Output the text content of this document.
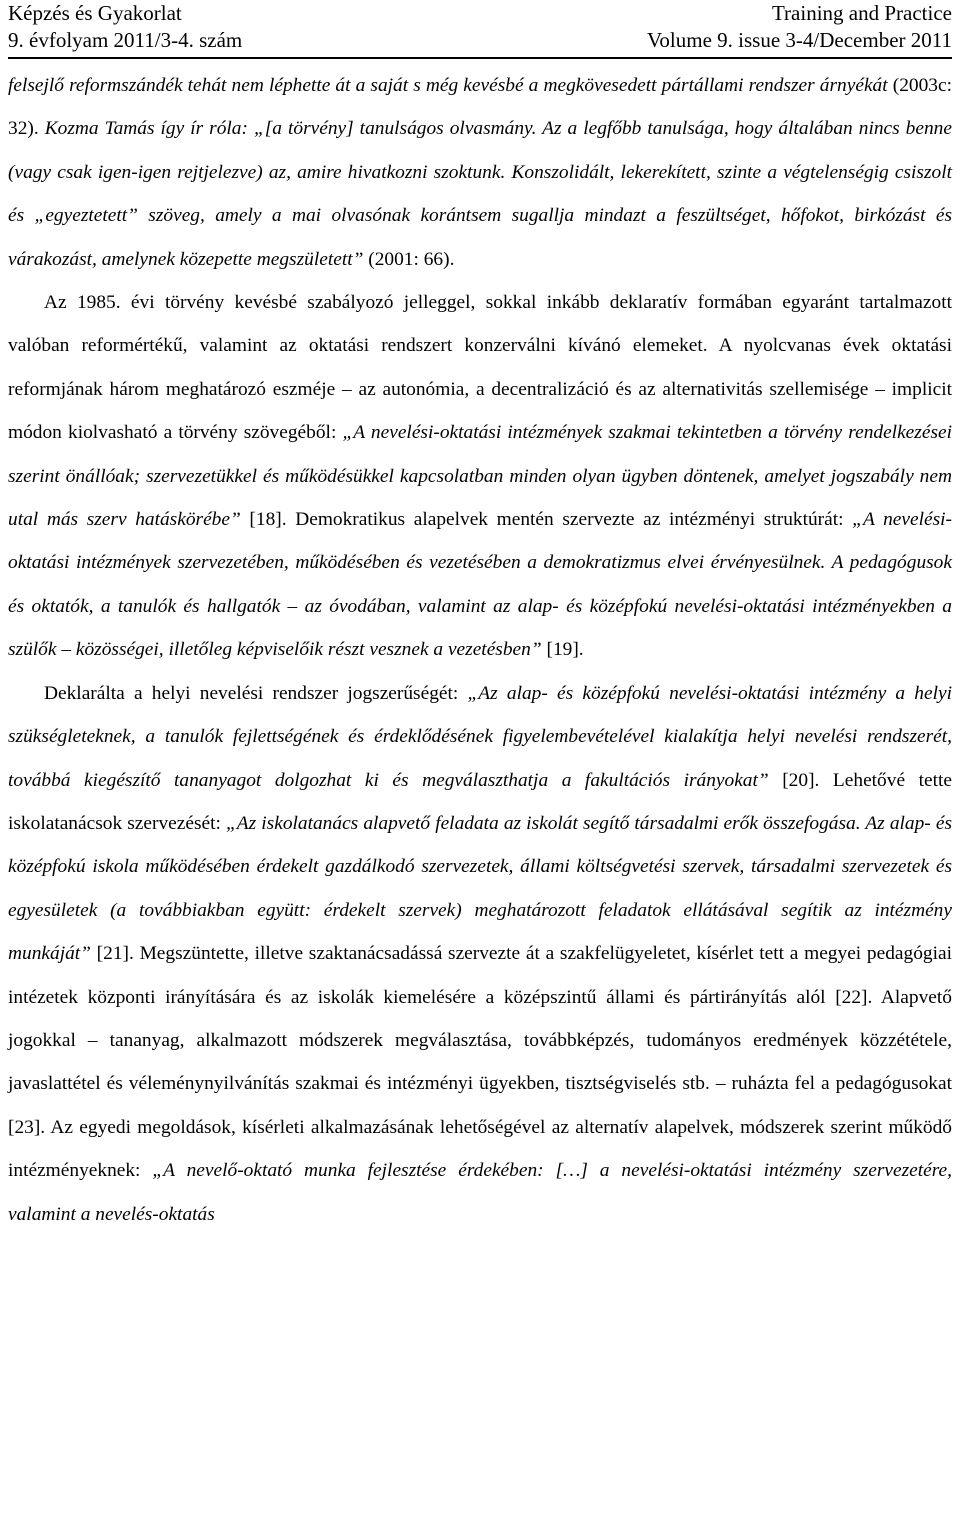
Képzés és Gyakorlat	Training and Practice
9. évfolyam 2011/3-4. szám	Volume 9. issue 3-4/December 2011

felsejlő reformszándék tehát nem léphette át a saját s még kevésbé a megkövesedett pártállami rendszer árnyékát (2003c: 32). Kozma Tamás így ír róla: „[a törvény] tanulságos olvasmány. Az a legfőbb tanulsága, hogy általában nincs benne (vagy csak igen-igen rejtjelezve) az, amire hivatkozni szoktunk. Konszolidált, lekerekített, szinte a végtelenségig csiszolt és „egyeztetett” szöveg, amely a mai olvasónak korántsem sugallja mindazt a feszültséget, hőfokot, birkózást és várakozást, amelynek közepette megszületett” (2001: 66).

Az 1985. évi törvény kevésbé szabályozó jelleggel, sokkal inkább deklaratív formában egyaránt tartalmazott valóban reformértékű, valamint az oktatási rendszert konzerválni kívánó elemeket. A nyolcvanas évek oktatási reformjának három meghatározó eszméje – az autonómia, a decentralizáció és az alternativitás szellemisége – implicit módon kiolvasható a törvény szövegéből: „A nevelési-oktatási intézmények szakmai tekintetben a törvény rendelkezései szerint önállóak; szervezetükkel és működésükkel kapcsolatban minden olyan ügyben döntenek, amelyet jogszabály nem utal más szerv hatáskörébe” [18]. Demokratikus alapelvek mentén szervezte az intézményi struktúrát: „A nevelési-oktatási intézmények szervezetében, működésében és vezetésében a demokratizmus elvei érvényesülnek. A pedagógusok és oktatók, a tanulók és hallgatók – az óvodában, valamint az alap- és középfokú nevelési-oktatási intézményekben a szülők – közösségei, illetőleg képviselőik részt vesznek a vezetésben” [19].

Deklarálta a helyi nevelési rendszer jogszerűségét: „Az alap- és középfokú nevelési-oktatási intézmény a helyi szükségleteknek, a tanulók fejlettségének és érdeklődésének figyelembevételével kialakítja helyi nevelési rendszerét, továbbá kiegészítő tananyagot dolgozhat ki és megválaszthatja a fakultációs irányokat” [20]. Lehetővé tette iskolatanácsok szervezését: „Az iskolatanács alapvető feladata az iskolát segítő társadalmi erők összefogása. Az alap- és középfokú iskola működésében érdekelt gazdálkodó szervezetek, állami költségvetési szervek, társadalmi szervezetek és egyesületek (a továbbiakban együtt: érdekelt szervek) meghatározott feladatok ellátásával segítik az intézmény munkáját” [21]. Megszüntette, illetve szaktanácsadássá szervezte át a szakfelügyeletet, kísérlet tett a megyei pedagógiai intézetek központi irányítására és az iskolák kiemelésére a középszintű állami és pártirányítás alól [22]. Alapvető jogokkal – tananyag, alkalmazott módszerek megválasztása, továbbképzés, tudományos eredmények közzététele, javaslattétel és véleménynyilvánítás szakmai és intézményi ügyekben, tisztségviselés stb. – ruházta fel a pedagógusokat [23]. Az egyedi megoldások, kísérleti alkalmazásának lehetőségével az alternatív alapelvek, módszerek szerint működő intézményeknek: „A nevelő-oktató munka fejlesztése érdekében: […] a nevelési-oktatási intézmény szervezetére, valamint a nevelés-oktatás
